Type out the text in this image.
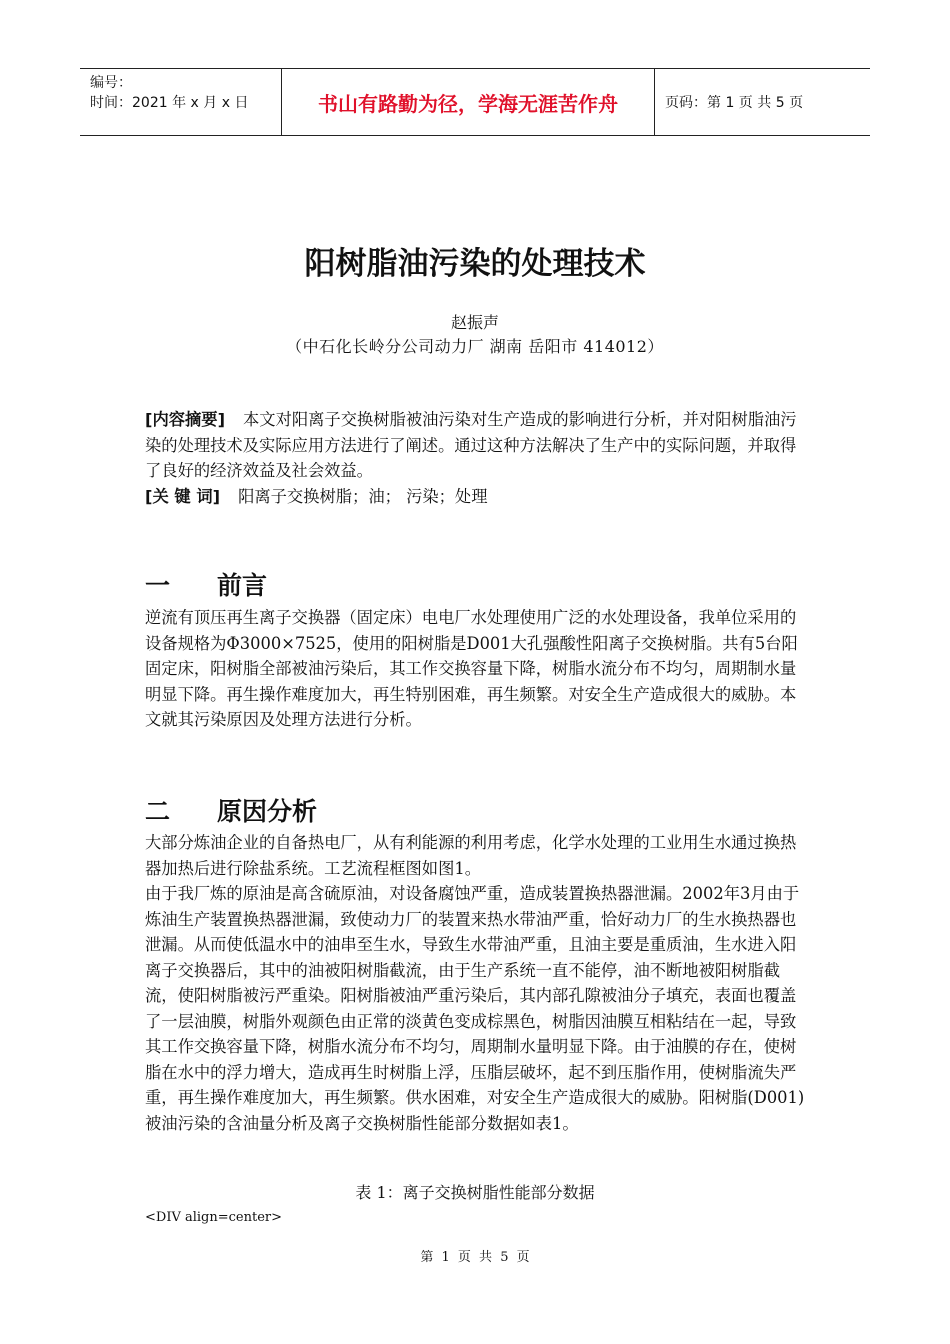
编号：
时间：2021 年 x 月 x 日	书山有路勤为径，学海无涯苦作舟	页码：第 1 页 共 5 页
阳树脂油污染的处理技术
赵振声
（中石化长岭分公司动力厂 湖南 岳阳市 414012）

[内容摘要] 本文对阳离子交换树脂被油污染对生产造成的影响进行分析，并对阳树脂油污染的处理技术及实际应用方法进行了阐述。通过这种方法解决了生产中的实际问题，并取得了良好的经济效益及社会效益。

[关 键 词] 阳离子交换树脂；油； 污染；处理

一	前言

逆流有顶压再生离子交换器（固定床）电电厂水处理使用广泛的水处理设备，我单位采用的设备规格为Φ3000×7525，使用的阳树脂是D001大孔强酸性阳离子交换树脂。共有5台阳固定床，阳树脂全部被油污染后，其工作交换容量下降，树脂水流分布不均匀，周期制水量明显下降。再生操作难度加大，再生特别困难，再生频繁。对安全生产造成很大的威胁。本文就其污染原因及处理方法进行分析。

二	原因分析

大部分炼油企业的自备热电厂，从有利能源的利用考虑，化学水处理的工业用生水通过换热器加热后进行除盐系统。工艺流程框图如图1。

由于我厂炼的原油是高含硫原油，对设备腐蚀严重，造成装置换热器泄漏。2002年3月由于炼油生产装置换热器泄漏，致使动力厂的装置来热水带油严重，恰好动力厂的生水换热器也泄漏。从而使低温水中的油串至生水，导致生水带油严重，且油主要是重质油，生水进入阳离子交换器后，其中的油被阳树脂截流，由于生产系统一直不能停，油不断地被阳树脂截流，使阳树脂被污严重染。阳树脂被油严重污染后，其内部孔隙被油分子填充，表面也覆盖了一层油膜，树脂外观颜色由正常的淡黄色变成棕黑色，树脂因油膜互相粘结在一起，导致其工作交换容量下降，树脂水流分布不均匀，周期制水量明显下降。由于油膜的存在，使树脂在水中的浮力增大，造成再生时树脂上浮，压脂层破坏，起不到压脂作用，使树脂流失严重，再生操作难度加大，再生频繁。供水困难，对安全生产造成很大的威胁。阳树脂(D001)被油污染的含油量分析及离子交换树脂性能部分数据如表1。

表 1：离子交换树脂性能部分数据
<DIV align=center>
第 1 页 共 5 页
